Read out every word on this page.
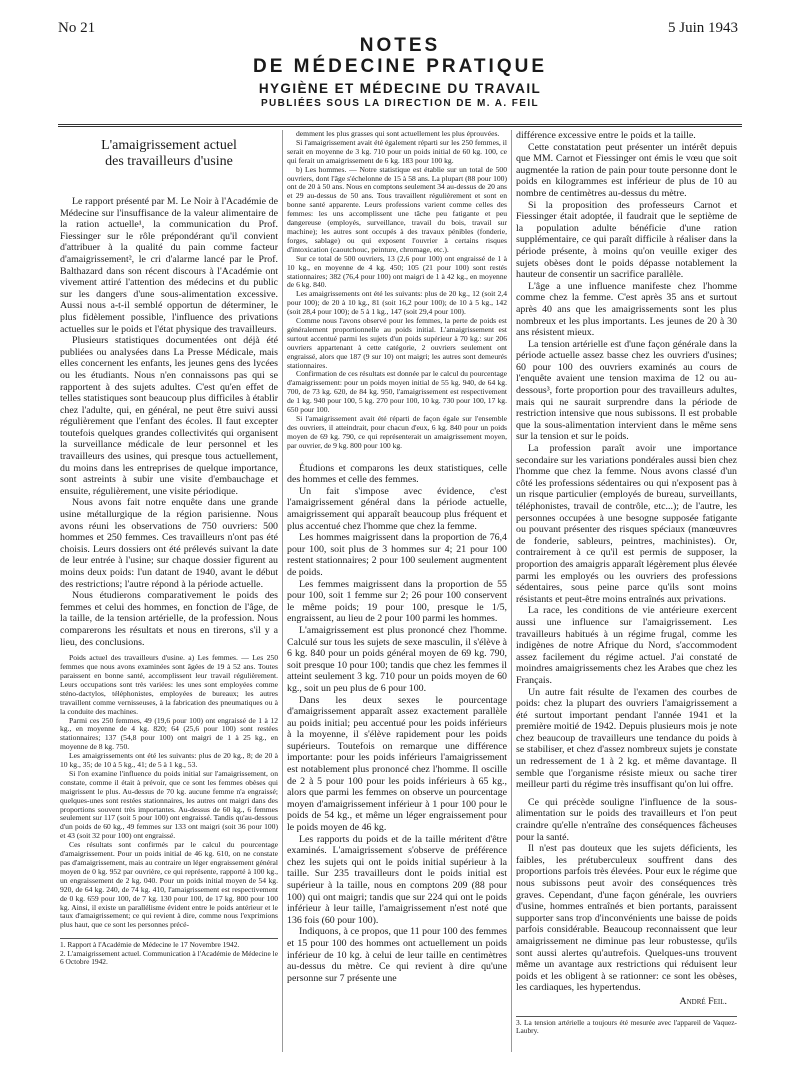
No 21	5 Juin 1943
NOTES
DE MÉDECINE PRATIQUE
HYGIÈNE ET MÉDECINE DU TRAVAIL
PUBLIÉES SOUS LA DIRECTION DE M. A. FEIL
L'amaigrissement actuel
des travailleurs d'usine

Le rapport présenté par M. Le Noir à l'Académie de Médecine sur l'insuffisance de la valeur alimentaire de la ration actuelle¹, la communication du Prof. Fiessinger sur le rôle prépondérant qu'il convient d'attribuer à la qualité du pain comme facteur d'amaigrissement², le cri d'alarme lancé par le Prof. Balthazard dans son récent discours à l'Académie ont vivement attiré l'attention des médecins et du public sur les dangers d'une sous-alimentation excessive. Aussi nous a-t-il semblé opportun de déterminer, le plus fidèlement possible, l'influence des privations actuelles sur le poids et l'état physique des travailleurs.

Plusieurs statistiques documentées ont déjà été publiées ou analysées dans La Presse Médicale, mais elles concernent les enfants, les jeunes gens des lycées ou les étudiants. Nous n'en connaissons pas qui se rapportent à des sujets adultes. C'est qu'en effet de telles statistiques sont beaucoup plus difficiles à établir chez l'adulte, qui, en général, ne peut être suivi aussi régulièrement que l'enfant des écoles. Il faut excepter toutefois quelques grandes collectivités qui organisent la surveillance médicale de leur personnel et les travailleurs des usines, qui presque tous actuellement, du moins dans les entreprises de quelque importance, sont astreints à subir une visite d'embauchage et ensuite, régulièrement, une visite périodique.

Nous avons fait notre enquête dans une grande usine métallurgique de la région parisienne. Nous avons réuni les observations de 750 ouvriers: 500 hommes et 250 femmes. Ces travailleurs n'ont pas été choisis. Leurs dossiers ont été prélevés suivant la date de leur entrée à l'usine; sur chaque dossier figurent au moins deux poids: l'un datant de 1940, avant le début des restrictions; l'autre répond à la période actuelle.

Nous étudierons comparativement le poids des femmes et celui des hommes, en fonction de l'âge, de la taille, de la tension artérielle, de la profession. Nous comparerons les résultats et nous en tirerons, s'il y a lieu, des conclusions.

Poids actuel des travailleurs d'usine. a) Les femmes. — Les 250 femmes que nous avons examinées sont âgées de 19 à 52 ans. Toutes paraissent en bonne santé, accomplissent leur travail régulièrement. Leurs occupations sont très variées: les unes sont employées comme sténo-dactylos, téléphonistes, employées de bureaux; les autres travaillent comme vernisseuses, à la fabrication des pneumatiques ou à la conduite des machines.

Parmi ces 250 femmes, 49 (19,6 pour 100) ont engraissé de 1 à 12 kg., en moyenne de 4 kg. 820; 64 (25,6 pour 100) sont restées stationnaires; 137 (54,8 pour 100) ont maigri de 1 à 25 kg., en moyenne de 8 kg. 750.

Les amaigrissements ont été les suivants: plus de 20 kg., 8; de 20 à 10 kg., 35; de 10 à 5 kg., 41; de 5 à 1 kg., 53.

Si l'on examine l'influence du poids initial sur l'amaigrissement, on constate, comme il était à prévoir, que ce sont les femmes obèses qui maigrissent le plus. Au-dessus de 70 kg. aucune femme n'a engraissé; quelques-unes sont restées stationnaires, les autres ont maigri dans des proportions souvent très importantes. Au-dessus de 60 kg., 6 femmes seulement sur 117 (soit 5 pour 100) ont engraissé. Tandis qu'au-dessous d'un poids de 60 kg., 49 femmes sur 133 ont maigri (soit 36 pour 100) et 43 (soit 32 pour 100) ont engraissé.

Ces résultats sont confirmés par le calcul du pourcentage d'amaigrissement. Pour un poids initial de 46 kg. 610, on ne constate pas d'amaigrissement, mais au contraire un léger engraissement général moyen de 0 kg. 952 par ouvrière, ce qui représente, rapporté à 100 kg., un engraissement de 2 kg. 040. Pour un poids initial moyen de 54 kg. 920, de 64 kg. 240, de 74 kg. 410, l'amaigrissement est respectivement de 0 kg. 659 pour 100, de 7 kg. 130 pour 100, de 17 kg. 800 pour 100 kg. Ainsi, il existe un parallélisme évident entre le poids antérieur et le taux d'amaigrissement; ce qui revient à dire, comme nous l'exprimions plus haut, que ce sont les personnes précé-

1. Rapport à l'Académie de Médecine le 17 Novembre 1942.

2. L'amaigrissement actuel. Communication à l'Académie de Médecine le 6 Octobre 1942.

demment les plus grasses qui sont actuellement les plus éprouvées.

Si l'amaigrissement avait été également réparti sur les 250 femmes, il serait en moyenne de 3 kg. 710 pour un poids initial de 60 kg. 100, ce qui ferait un amaigrissement de 6 kg. 183 pour 100 kg.

b) Les hommes. — Notre statistique est établie sur un total de 500 ouvriers, dont l'âge s'échelonne de 15 à 58 ans. La plupart (88 pour 100) ont de 20 à 50 ans. Nous en comptons seulement 34 au-dessus de 20 ans et 29 au-dessus de 50 ans. Tous travaillent régulièrement et sont en bonne santé apparente. Leurs professions varient comme celles des femmes: les uns accomplissent une tâche peu fatigante et peu dangereuse (employés, surveillance, travail du bois, travail sur machine); les autres sont occupés à des travaux pénibles (fonderie, forges, sablage) ou qui exposent l'ouvrier à certains risques d'intoxication (caoutchouc, peinture, chromage, etc.).

Sur ce total de 500 ouvriers, 13 (2,6 pour 100) ont engraissé de 1 à 10 kg., en moyenne de 4 kg. 450; 105 (21 pour 100) sont restés stationnaires; 382 (76,4 pour 100) ont maigri de 1 à 42 kg., en moyenne de 6 kg. 840.

Les amaigrissements ont été les suivants: plus de 20 kg., 12 (soit 2,4 pour 100); de 20 à 10 kg., 81 (soit 16,2 pour 100); de 10 à 5 kg., 142 (soit 28,4 pour 100); de 5 à 1 kg., 147 (soit 29,4 pour 100).

Comme nous l'avons observé pour les femmes, la perte de poids est généralement proportionnelle au poids initial. L'amaigrissement est surtout accentué parmi les sujets d'un poids supérieur à 70 kg.: sur 206 ouvriers appartenant à cette catégorie, 2 ouvriers seulement ont engraissé, alors que 187 (9 sur 10) ont maigri; les autres sont demeurés stationnaires.

Confirmation de ces résultats est donnée par le calcul du pourcentage d'amaigrissement: pour un poids moyen initial de 55 kg. 940, de 64 kg. 700, de 73 kg. 620, de 84 kg. 950, l'amaigrissement est respectivement de 1 kg. 940 pour 100, 5 kg. 270 pour 100, 10 kg. 730 pour 100, 17 kg. 650 pour 100.

Si l'amaigrissement avait été réparti de façon égale sur l'ensemble des ouvriers, il atteindrait, pour chacun d'eux, 6 kg. 840 pour un poids moyen de 69 kg. 790, ce qui représenterait un amaigrissement moyen, par ouvrier, de 9 kg. 800 pour 100 kg.

Étudions et comparons les deux statistiques, celle des hommes et celle des femmes.

Un fait s'impose avec évidence, c'est l'amaigrissement général dans la période actuelle, amaigrissement qui apparaît beaucoup plus fréquent et plus accentué chez l'homme que chez la femme.

Les hommes maigrissent dans la proportion de 76,4 pour 100, soit plus de 3 hommes sur 4; 21 pour 100 restent stationnaires; 2 pour 100 seulement augmentent de poids.

Les femmes maigrissent dans la proportion de 55 pour 100, soit 1 femme sur 2; 26 pour 100 conservent le même poids; 19 pour 100, presque le 1/5, engraissent, au lieu de 2 pour 100 parmi les hommes.

L'amaigrissement est plus prononcé chez l'homme. Calculé sur tous les sujets de sexe masculin, il s'élève à 6 kg. 840 pour un poids général moyen de 69 kg. 790, soit presque 10 pour 100; tandis que chez les femmes il atteint seulement 3 kg. 710 pour un poids moyen de 60 kg., soit un peu plus de 6 pour 100.

Dans les deux sexes le pourcentage d'amaigrissement apparaît assez exactement parallèle au poids initial; peu accentué pour les poids inférieurs à la moyenne, il s'élève rapidement pour les poids supérieurs. Toutefois on remarque une différence importante: pour les poids inférieurs l'amaigrissement est notablement plus prononcé chez l'homme. Il oscille de 2 à 5 pour 100 pour les poids inférieurs à 65 kg., alors que parmi les femmes on observe un pourcentage moyen d'amaigrissement inférieur à 1 pour 100 pour le poids de 54 kg., et même un léger engraissement pour le poids moyen de 46 kg.

Les rapports du poids et de la taille méritent d'être examinés. L'amaigrissement s'observe de préférence chez les sujets qui ont le poids initial supérieur à la taille. Sur 235 travailleurs dont le poids initial est supérieur à la taille, nous en comptons 209 (88 pour 100) qui ont maigri; tandis que sur 224 qui ont le poids inférieur à leur taille, l'amaigrissement n'est noté que 136 fois (60 pour 100).

Indiquons, à ce propos, que 11 pour 100 des femmes et 15 pour 100 des hommes ont actuellement un poids inférieur de 10 kg. à celui de leur taille en centimètres au-dessus du mètre. Ce qui revient à dire qu'une personne sur 7 présente une

différence excessive entre le poids et la taille.

Cette constatation peut présenter un intérêt depuis que MM. Carnot et Fiessinger ont émis le vœu que soit augmentée la ration de pain pour toute personne dont le poids en kilogrammes est inférieur de plus de 10 au nombre de centimètres au-dessus du mètre.

Si la proposition des professeurs Carnot et Fiessinger était adoptée, il faudrait que le septième de la population adulte bénéficie d'une ration supplémentaire, ce qui paraît difficile à réaliser dans la période présente, à moins qu'on veuille exiger des sujets obèses dont le poids dépasse notablement la hauteur de consentir un sacrifice parallèle.

L'âge a une influence manifeste chez l'homme comme chez la femme. C'est après 35 ans et surtout après 40 ans que les amaigrissements sont les plus nombreux et les plus importants. Les jeunes de 20 à 30 ans résistent mieux.

La tension artérielle est d'une façon générale dans la période actuelle assez basse chez les ouvriers d'usines; 60 pour 100 des ouvriers examinés au cours de l'enquête avaient une tension maxima de 12 ou au-dessous³, forte proportion pour des travailleurs adultes, mais qui ne saurait surprendre dans la période de restriction intensive que nous subissons. Il est probable que la sous-alimentation intervient dans le même sens sur la tension et sur le poids.

La profession paraît avoir une importance secondaire sur les variations pondérales aussi bien chez l'homme que chez la femme. Nous avons classé d'un côté les professions sédentaires ou qui n'exposent pas à un risque particulier (employés de bureau, surveillants, téléphonistes, travail de contrôle, etc...); de l'autre, les personnes occupées à une besogne supposée fatigante ou pouvant présenter des risques spéciaux (manœuvres de fonderie, sableurs, peintres, machinistes). Or, contrairement à ce qu'il est permis de supposer, la proportion des amaigris apparaît légèrement plus élevée parmi les employés ou les ouvriers des professions sédentaires, sous peine parce qu'ils sont moins résistants et peut-être moins entraînés aux privations.

La race, les conditions de vie antérieure exercent aussi une influence sur l'amaigrissement. Les travailleurs habitués à un régime frugal, comme les indigènes de notre Afrique du Nord, s'accommodent assez facilement du régime actuel. J'ai constaté de moindres amaigrissements chez les Arabes que chez les Français.

Un autre fait résulte de l'examen des courbes de poids: chez la plupart des ouvriers l'amaigrissement a été surtout important pendant l'année 1941 et la première moitié de 1942. Depuis plusieurs mois je note chez beaucoup de travailleurs une tendance du poids à se stabiliser, et chez d'assez nombreux sujets je constate un redressement de 1 à 2 kg. et même davantage. Il semble que l'organisme résiste mieux ou sache tirer meilleur parti du régime très insuffisant qu'on lui offre.

Ce qui précède souligne l'influence de la sous-alimentation sur le poids des travailleurs et l'on peut craindre qu'elle n'entraîne des conséquences fâcheuses pour la santé.

Il n'est pas douteux que les sujets déficients, les faibles, les prétuberculeux souffrent dans des proportions parfois très élevées. Pour eux le régime que nous subissons peut avoir des conséquences très graves. Cependant, d'une façon générale, les ouvriers d'usine, hommes entraînés et bien portants, paraissent supporter sans trop d'inconvénients une baisse de poids parfois considérable. Beaucoup reconnaissent que leur amaigrissement ne diminue pas leur robustesse, qu'ils sont aussi alertes qu'autrefois. Quelques-uns trouvent même un avantage aux restrictions qui réduisent leur poids et les obligent à se rationner: ce sont les obèses, les cardiaques, les hypertendus.

André Feil.

3. La tension artérielle a toujours été mesurée avec l'appareil de Vaquez-Laubry.
